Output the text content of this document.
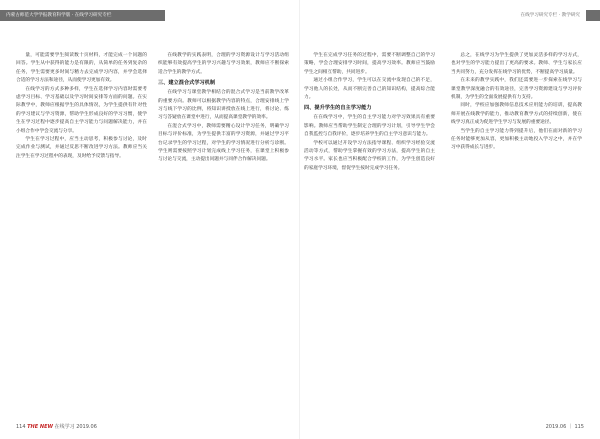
内蒙古师范大学学报教育科学版 · 在线学习研究专栏	在线学习研究专栏 · 教学研究

量，可能需要学生阅读数十页材料，才能完成一个问题的回答。学生从中获得的能力是有限的，从简单的任务到复杂的任务，学生需要更多时间与精力去完成学习内容，并学会选择合适的学习方法和途径，从而使学习更加有效。

在线学习的方式多种多样，学生在选择学习内容时需要考虑学习目标、学习基础以及学习时间安排等方面的问题。在实际教学中，教师应根据学生的具体情况，为学生提供有针对性的学习建议与学习资源，帮助学生形成良好的学习习惯，使学生在学习过程中逐步提高自主学习能力与问题解决能力，并在小组合作中学会交流与分享。

学生在学习过程中，应当主动思考，积极参与讨论，及时完成作业与测试，并通过反思不断改进学习方法。教师应当关注学生在学习过程中的表现，及时给予反馈与指导。

在线教学的实践表明，合理的学习资源设计与学习活动组织能够有效提高学生的学习兴趣与学习效果，教师应不断探索适合学生的教学方式。

三、建立混合式学习机制

在线学习与课堂教学相结合的混合式学习是当前教学改革的重要方向。教师可以根据教学内容的特点，合理安排线上学习与线下学习的比例，将知识讲授放在线上进行，将讨论、练习与答疑放在课堂中进行，从而提高课堂教学的效率。

在混合式学习中，教师需要精心设计学习任务，明确学习目标与评价标准，为学生提供丰富的学习资源，并通过学习平台记录学生的学习过程，对学生的学习情况进行分析与诊断。学生则需要按照学习计划完成线上学习任务，在课堂上积极参与讨论与交流，主动提出问题并与同伴合作解决问题。

学生在完成学习任务的过程中，需要不断调整自己的学习策略，学会合理安排学习时间，提高学习效率。教师应当鼓励学生之间相互帮助，共同进步。

通过小组合作学习，学生可以在交流中发现自己的不足，学习他人的长处，从而不断完善自己的知识结构，提高综合能力。

四、提升学生的自主学习能力

在在线学习中，学生的自主学习能力对学习效果具有重要影响。教师应当帮助学生制定合理的学习计划，引导学生学会自我监控与自我评价，逐步培养学生的自主学习意识与能力。

学校可以通过开设学习方法指导课程、组织学习经验交流活动等方式，帮助学生掌握有效的学习方法，提高学生的自主学习水平。家长也应当积极配合学校的工作，为学生创造良好的家庭学习环境，督促学生按时完成学习任务。

总之，在线学习为学生提供了更加灵活多样的学习方式，也对学生的学习能力提出了更高的要求。教师、学生与家长应当共同努力，充分发挥在线学习的优势，不断提高学习质量。

在未来的教学实践中，我们还需要进一步探索在线学习与课堂教学深度融合的有效途径，完善学习资源建设与学习评价机制，为学生的全面发展提供有力支持。

同时，学校应加强教师信息技术应用能力的培训，提高教师开展在线教学的能力，推动教育教学方式的持续创新，使在线学习真正成为促进学生学习与发展的重要途径。

当学生的自主学习能力得到提升后，他们在面对新的学习任务时能够更加从容，更加积极主动地投入学习之中，并在学习中获得成长与进步。

114 THE NEW 在线学习 2019.06	2019.06 ｜ 115
